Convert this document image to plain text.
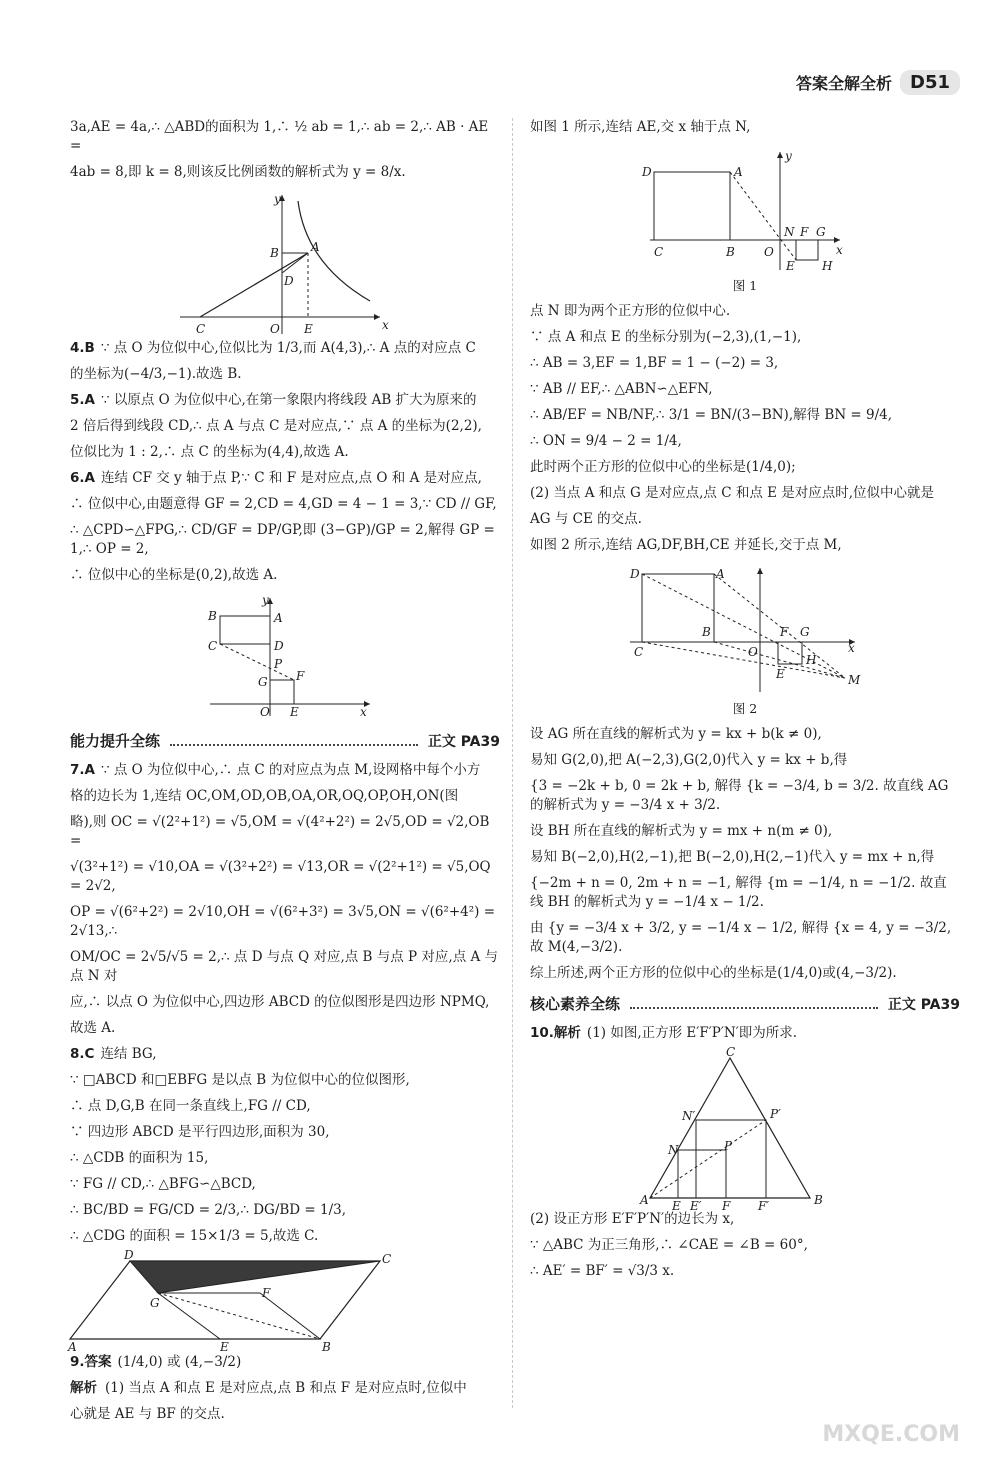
答案全解全析	D51

3a,AE = 4a,∴ △ABD的面积为 1,∴ ½ ab = 1,∴ ab = 2,∴ AB · AE =

4ab = 8,即 k = 8,则该反比例函数的解析式为 y = 8/x.

y
x
B	A
D
C	O E

4.B ∵ 点 O 为位似中心,位似比为 1/3,而 A(4,3),∴ A 点的对应点 C

的坐标为(−4/3,−1).故选 B.

5.A ∵ 以原点 O 为位似中心,在第一象限内将线段 AB 扩大为原来的

2 倍后得到线段 CD,∴ 点 A 与点 C 是对应点,∵ 点 A 的坐标为(2,2),

位似比为 1 : 2,∴ 点 C 的坐标为(4,4),故选 A.

6.A 连结 CF 交 y 轴于点 P,∵ C 和 F 是对应点,点 O 和 A 是对应点,

∴ 位似中心,由题意得 GF = 2,CD = 4,GD = 4 − 1 = 3,∵ CD // GF,

∴ △CPD∽△FPG,∴ CD/GF = DP/GP,即 (3−GP)/GP = 2,解得 GP = 1,∴ OP = 2,

∴ 位似中心的坐标是(0,2),故选 A.

y
x
B	A
C	D
P
G F
O E
能力提升全练	正文 PA39

7.A ∵ 点 O 为位似中心,∴ 点 C 的对应点为点 M,设网格中每个小方

格的边长为 1,连结 OC,OM,OD,OB,OA,OR,OQ,OP,OH,ON(图

略),则 OC = √(2²+1²) = √5,OM = √(4²+2²) = 2√5,OD = √2,OB =

√(3²+1²) = √10,OA = √(3²+2²) = √13,OR = √(2²+1²) = √5,OQ = 2√2,

OP = √(6²+2²) = 2√10,OH = √(6²+3²) = 3√5,ON = √(6²+4²) = 2√13,∴

OM/OC = 2√5/√5 = 2,∴ 点 D 与点 Q 对应,点 B 与点 P 对应,点 A 与点 N 对

应,∴ 以点 O 为位似中心,四边形 ABCD 的位似图形是四边形 NPMQ,

故选 A.

8.C 连结 BG,

∵ □ABCD 和□EBFG 是以点 B 为位似中心的位似图形,

∴ 点 D,G,B 在同一条直线上,FG // CD,

∵ 四边形 ABCD 是平行四边形,面积为 30,

∴ △CDB 的面积为 15,

∵ FG // CD,∴ △BFG∽△BCD,

∴ BC/BD = FG/CD = 2/3,∴ DG/BD = 1/3,

∴ △CDG 的面积 = 15×1/3 = 5,故选 C.

D	C
F
G
A	E	B

9.答案 (1/4,0) 或 (4,−3/2)

解析 (1) 当点 A 和点 E 是对应点,点 B 和点 F 是对应点时,位似中

心就是 AE 与 BF 的交点.

如图 1 所示,连结 AE,交 x 轴于点 N,

y
x
D	A
C	B O
N F G
E H

图 1

点 N 即为两个正方形的位似中心.

∵ 点 A 和点 E 的坐标分别为(−2,3),(1,−1),

∴ AB = 3,EF = 1,BF = 1 − (−2) = 3,

∵ AB // EF,∴ △ABN∽△EFN,

∴ AB/EF = NB/NF,∴ 3/1 = BN/(3−BN),解得 BN = 9/4,

∴ ON = 9/4 − 2 = 1/4,

此时两个正方形的位似中心的坐标是(1/4,0);

(2) 当点 A 和点 G 是对应点,点 C 和点 E 是对应点时,位似中心就是

AG 与 CE 的交点.

如图 2 所示,连结 AG,DF,BH,CE 并延长,交于点 M,

D	A
C
B
O
F G
E
H
M
x

图 2

设 AG 所在直线的解析式为 y = kx + b(k ≠ 0),

易知 G(2,0),把 A(−2,3),G(2,0)代入 y = kx + b,得

{3 = −2k + b, 0 = 2k + b, 解得 {k = −3/4, b = 3/2. 故直线 AG 的解析式为 y = −3/4 x + 3/2.

设 BH 所在直线的解析式为 y = mx + n(m ≠ 0),

易知 B(−2,0),H(2,−1),把 B(−2,0),H(2,−1)代入 y = mx + n,得

{−2m + n = 0, 2m + n = −1, 解得 {m = −1/4, n = −1/2. 故直线 BH 的解析式为 y = −1/4 x − 1/2.

由 {y = −3/4 x + 3/2, y = −1/4 x − 1/2, 解得 {x = 4, y = −3/2, 故 M(4,−3/2).

综上所述,两个正方形的位似中心的坐标是(1/4,0)或(4,−3/2).

核心素养全练	正文 PA39

10.解析 (1) 如图,正方形 E′F′P′N′即为所求.

C
N′	P′
N	P
A E E′ F F′	B

(2) 设正方形 E′F′P′N′的边长为 x,

∵ △ABC 为正三角形,∴ ∠CAE = ∠B = 60°,

∴ AE′ = BF′ = √3/3 x.

MXQE.COM
